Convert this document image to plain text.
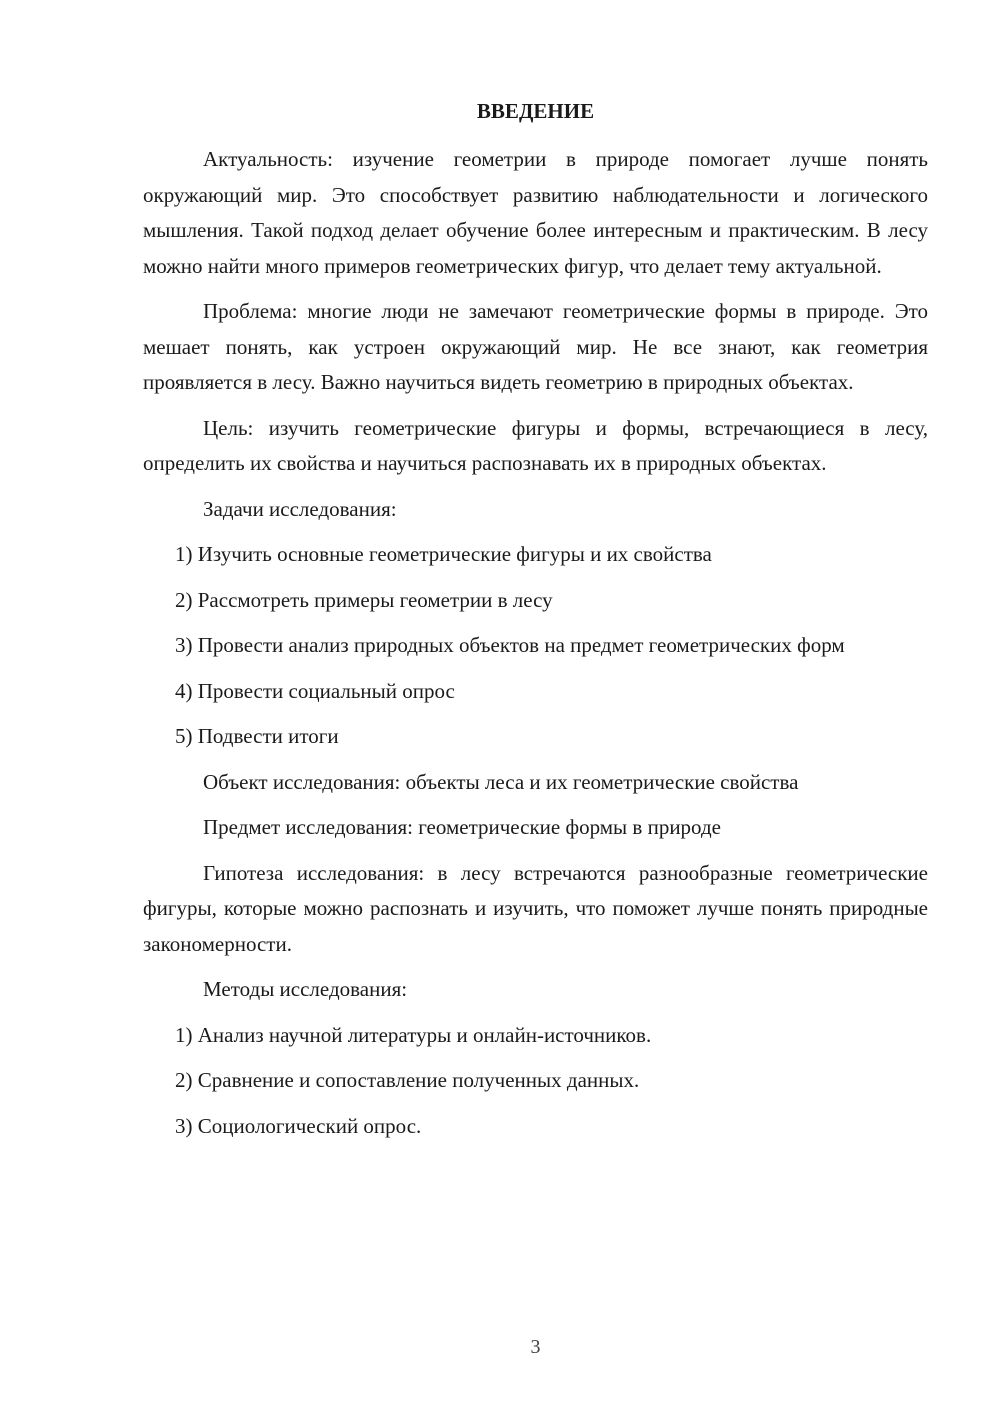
ВВЕДЕНИЕ

Актуальность: изучение геометрии в природе помогает лучше понять окружающий мир. Это способствует развитию наблюдательности и логического мышления. Такой подход делает обучение более интересным и практическим. В лесу можно найти много примеров геометрических фигур, что делает тему актуальной.

Проблема: многие люди не замечают геометрические формы в природе. Это мешает понять, как устроен окружающий мир. Не все знают, как геометрия проявляется в лесу. Важно научиться видеть геометрию в природных объектах.

Цель: изучить геометрические фигуры и формы, встречающиеся в лесу, определить их свойства и научиться распознавать их в природных объектах.

Задачи исследования:

1) Изучить основные геометрические фигуры и их свойства

2) Рассмотреть примеры геометрии в лесу

3) Провести анализ природных объектов на предмет геометрических форм

4) Провести социальный опрос

5) Подвести итоги

Объект исследования: объекты леса и их геометрические свойства

Предмет исследования: геометрические формы в природе

Гипотеза исследования: в лесу встречаются разнообразные геометрические фигуры, которые можно распознать и изучить, что поможет лучше понять природные закономерности.

Методы исследования:

1) Анализ научной литературы и онлайн-источников.

2) Сравнение и сопоставление полученных данных.

3) Социологический опрос.

3
